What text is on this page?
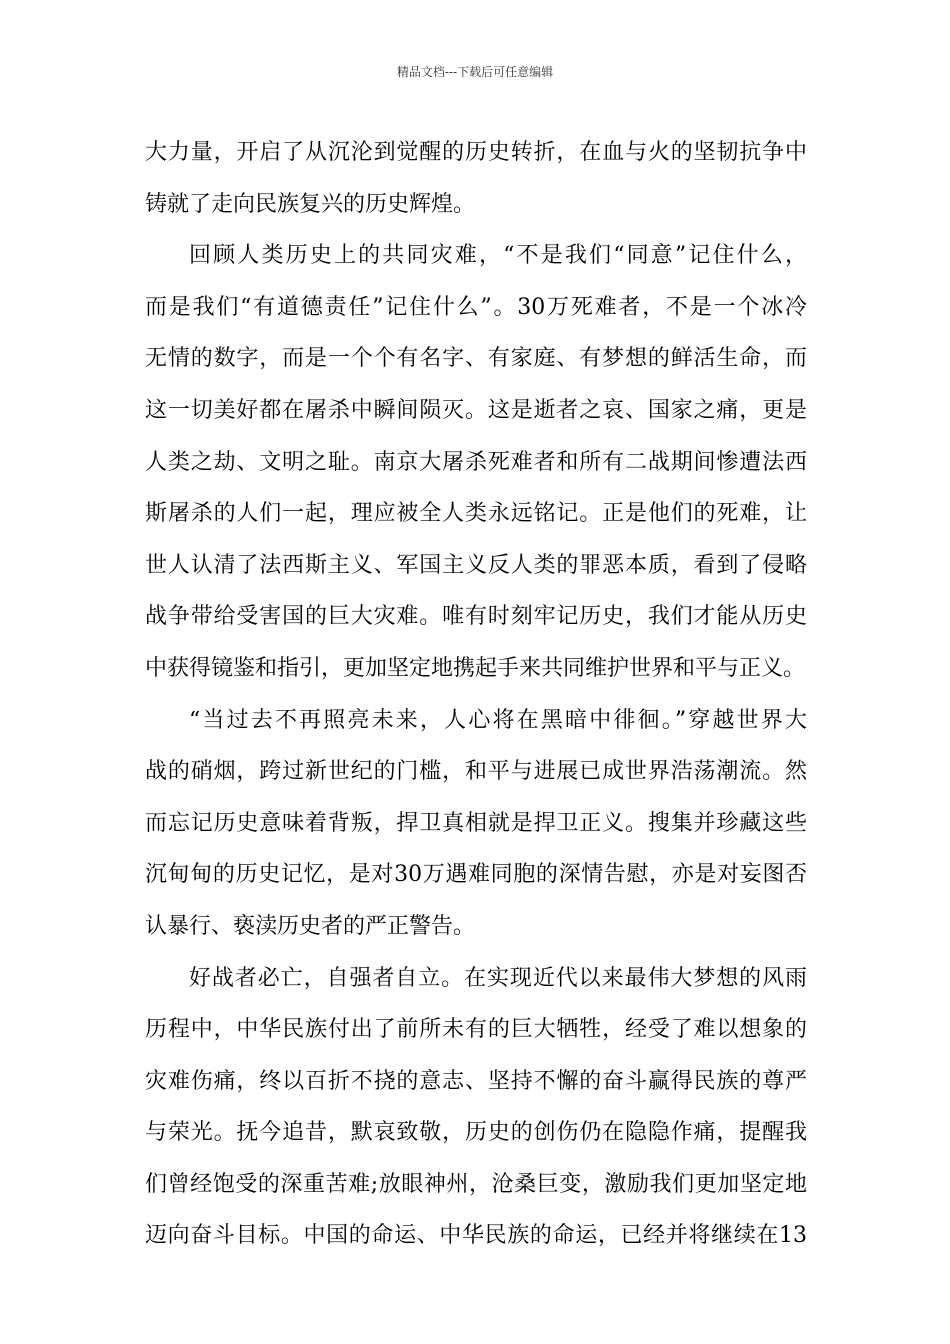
精品文档---下载后可任意编辑
大力量，开启了从沉沦到觉醒的历史转折，在血与火的坚韧抗争中
铸就了走向民族复兴的历史辉煌。
回顾人类历史上的共同灾难，“不是我们“同意”记住什么，
而是我们“有道德责任”记住什么”。30万死难者，不是一个冰冷
无情的数字，而是一个个有名字、有家庭、有梦想的鲜活生命，而
这一切美好都在屠杀中瞬间陨灭。这是逝者之哀、国家之痛，更是
人类之劫、文明之耻。南京大屠杀死难者和所有二战期间惨遭法西
斯屠杀的人们一起，理应被全人类永远铭记。正是他们的死难，让
世人认清了法西斯主义、军国主义反人类的罪恶本质，看到了侵略
战争带给受害国的巨大灾难。唯有时刻牢记历史，我们才能从历史
中获得镜鉴和指引，更加坚定地携起手来共同维护世界和平与正义。
“当过去不再照亮未来，人心将在黑暗中徘徊。”穿越世界大
战的硝烟，跨过新世纪的门槛，和平与进展已成世界浩荡潮流。然
而忘记历史意味着背叛，捍卫真相就是捍卫正义。搜集并珍藏这些
沉甸甸的历史记忆，是对30万遇难同胞的深情告慰，亦是对妄图否
认暴行、亵渎历史者的严正警告。
好战者必亡，自强者自立。在实现近代以来最伟大梦想的风雨
历程中，中华民族付出了前所未有的巨大牺牲，经受了难以想象的
灾难伤痛，终以百折不挠的意志、坚持不懈的奋斗赢得民族的尊严
与荣光。抚今追昔，默哀致敬，历史的创伤仍在隐隐作痛，提醒我
们曾经饱受的深重苦难;放眼神州，沧桑巨变，激励我们更加坚定地
迈向奋斗目标。中国的命运、中华民族的命运，已经并将继续在13
